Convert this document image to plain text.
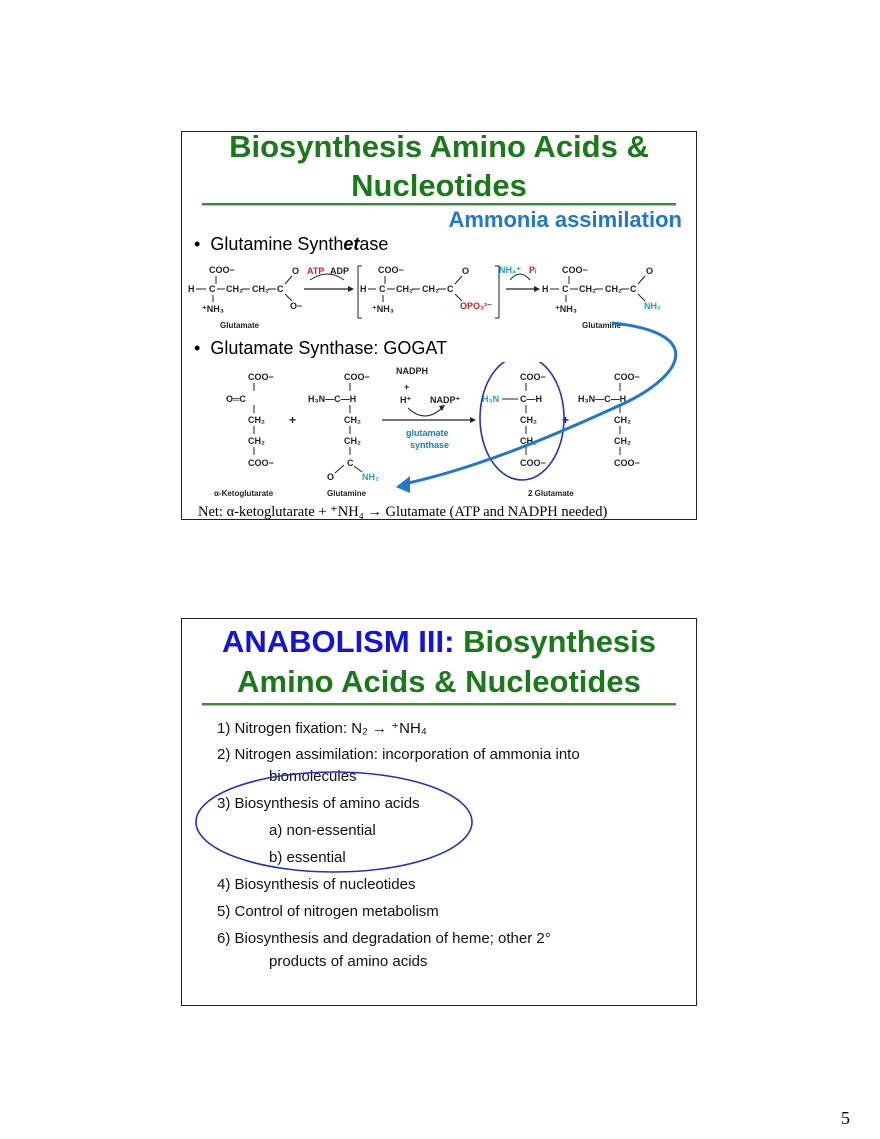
Biosynthesis Amino Acids &
Nucleotides
Ammonia assimilation
•  Glutamine Synthetase
COO−
H C CH₂ CH₂ C
O
O−
⁺NH₃
Glutamate
ATP ADP	COO−
H C CH₂ CH₂ C
O
OPO₃²⁻
⁺NH₃
NH₄⁺ Pᵢ	COO−
H C CH₂ CH₂ C
O
NH₂
⁺NH₃
Glutamine
•  Glutamate Synthase: GOGAT
COO−
O═C
CH₂
CH₂
COO−
α-Ketoglutarate
+
COO−
H₃N—C—H
CH₂
CH₂
C
O	NH₂
Glutamine
NADPH
+
H⁺ NADP⁺
glutamate
synthase
COO−
H₃N C—H
CH₂
CH₂
COO−
+
COO−
H₃N—C—H
CH₂
CH₂
COO−
2 Glutamate
Net: α-ketoglutarate + ⁺NH₄ → Glutamate (ATP and NADPH needed)
ANABOLISM III: Biosynthesis
Amino Acids & Nucleotides
1) Nitrogen fixation: N₂ → ⁺NH₄
2) Nitrogen assimilation: incorporation of ammonia into
biomolecules
3) Biosynthesis of amino acids
a) non-essential
b) essential
4) Biosynthesis of nucleotides
5) Control of nitrogen metabolism
6) Biosynthesis and degradation of heme; other 2°
products of amino acids
5
